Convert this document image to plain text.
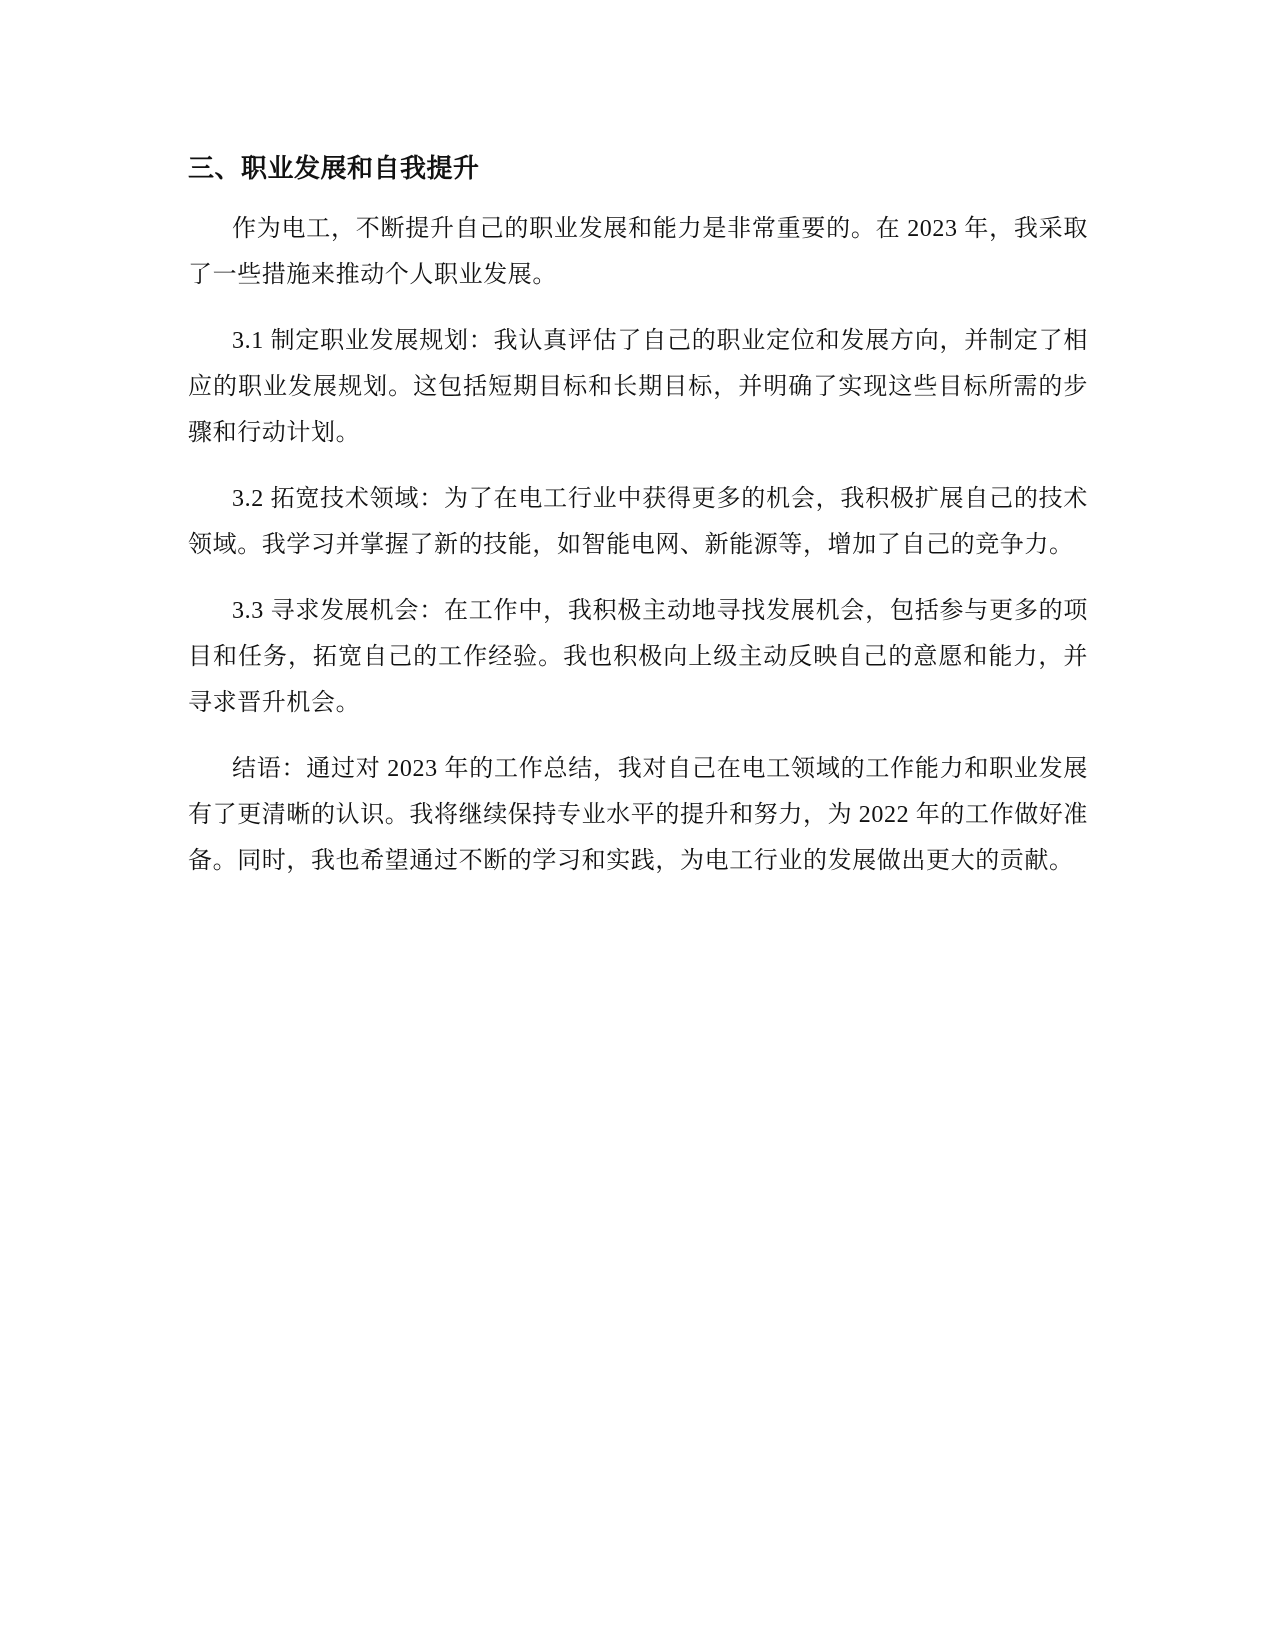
三、职业发展和自我提升

作为电工，不断提升自己的职业发展和能力是非常重要的。在 2023 年，我采取了一些措施来推动个人职业发展。

3.1 制定职业发展规划：我认真评估了自己的职业定位和发展方向，并制定了相应的职业发展规划。这包括短期目标和长期目标，并明确了实现这些目标所需的步骤和行动计划。

3.2 拓宽技术领域：为了在电工行业中获得更多的机会，我积极扩展自己的技术领域。我学习并掌握了新的技能，如智能电网、新能源等，增加了自己的竞争力。

3.3 寻求发展机会：在工作中，我积极主动地寻找发展机会，包括参与更多的项目和任务，拓宽自己的工作经验。我也积极向上级主动反映自己的意愿和能力，并寻求晋升机会。

结语：通过对 2023 年的工作总结，我对自己在电工领域的工作能力和职业发展有了更清晰的认识。我将继续保持专业水平的提升和努力，为 2022 年的工作做好准备。同时，我也希望通过不断的学习和实践，为电工行业的发展做出更大的贡献。
